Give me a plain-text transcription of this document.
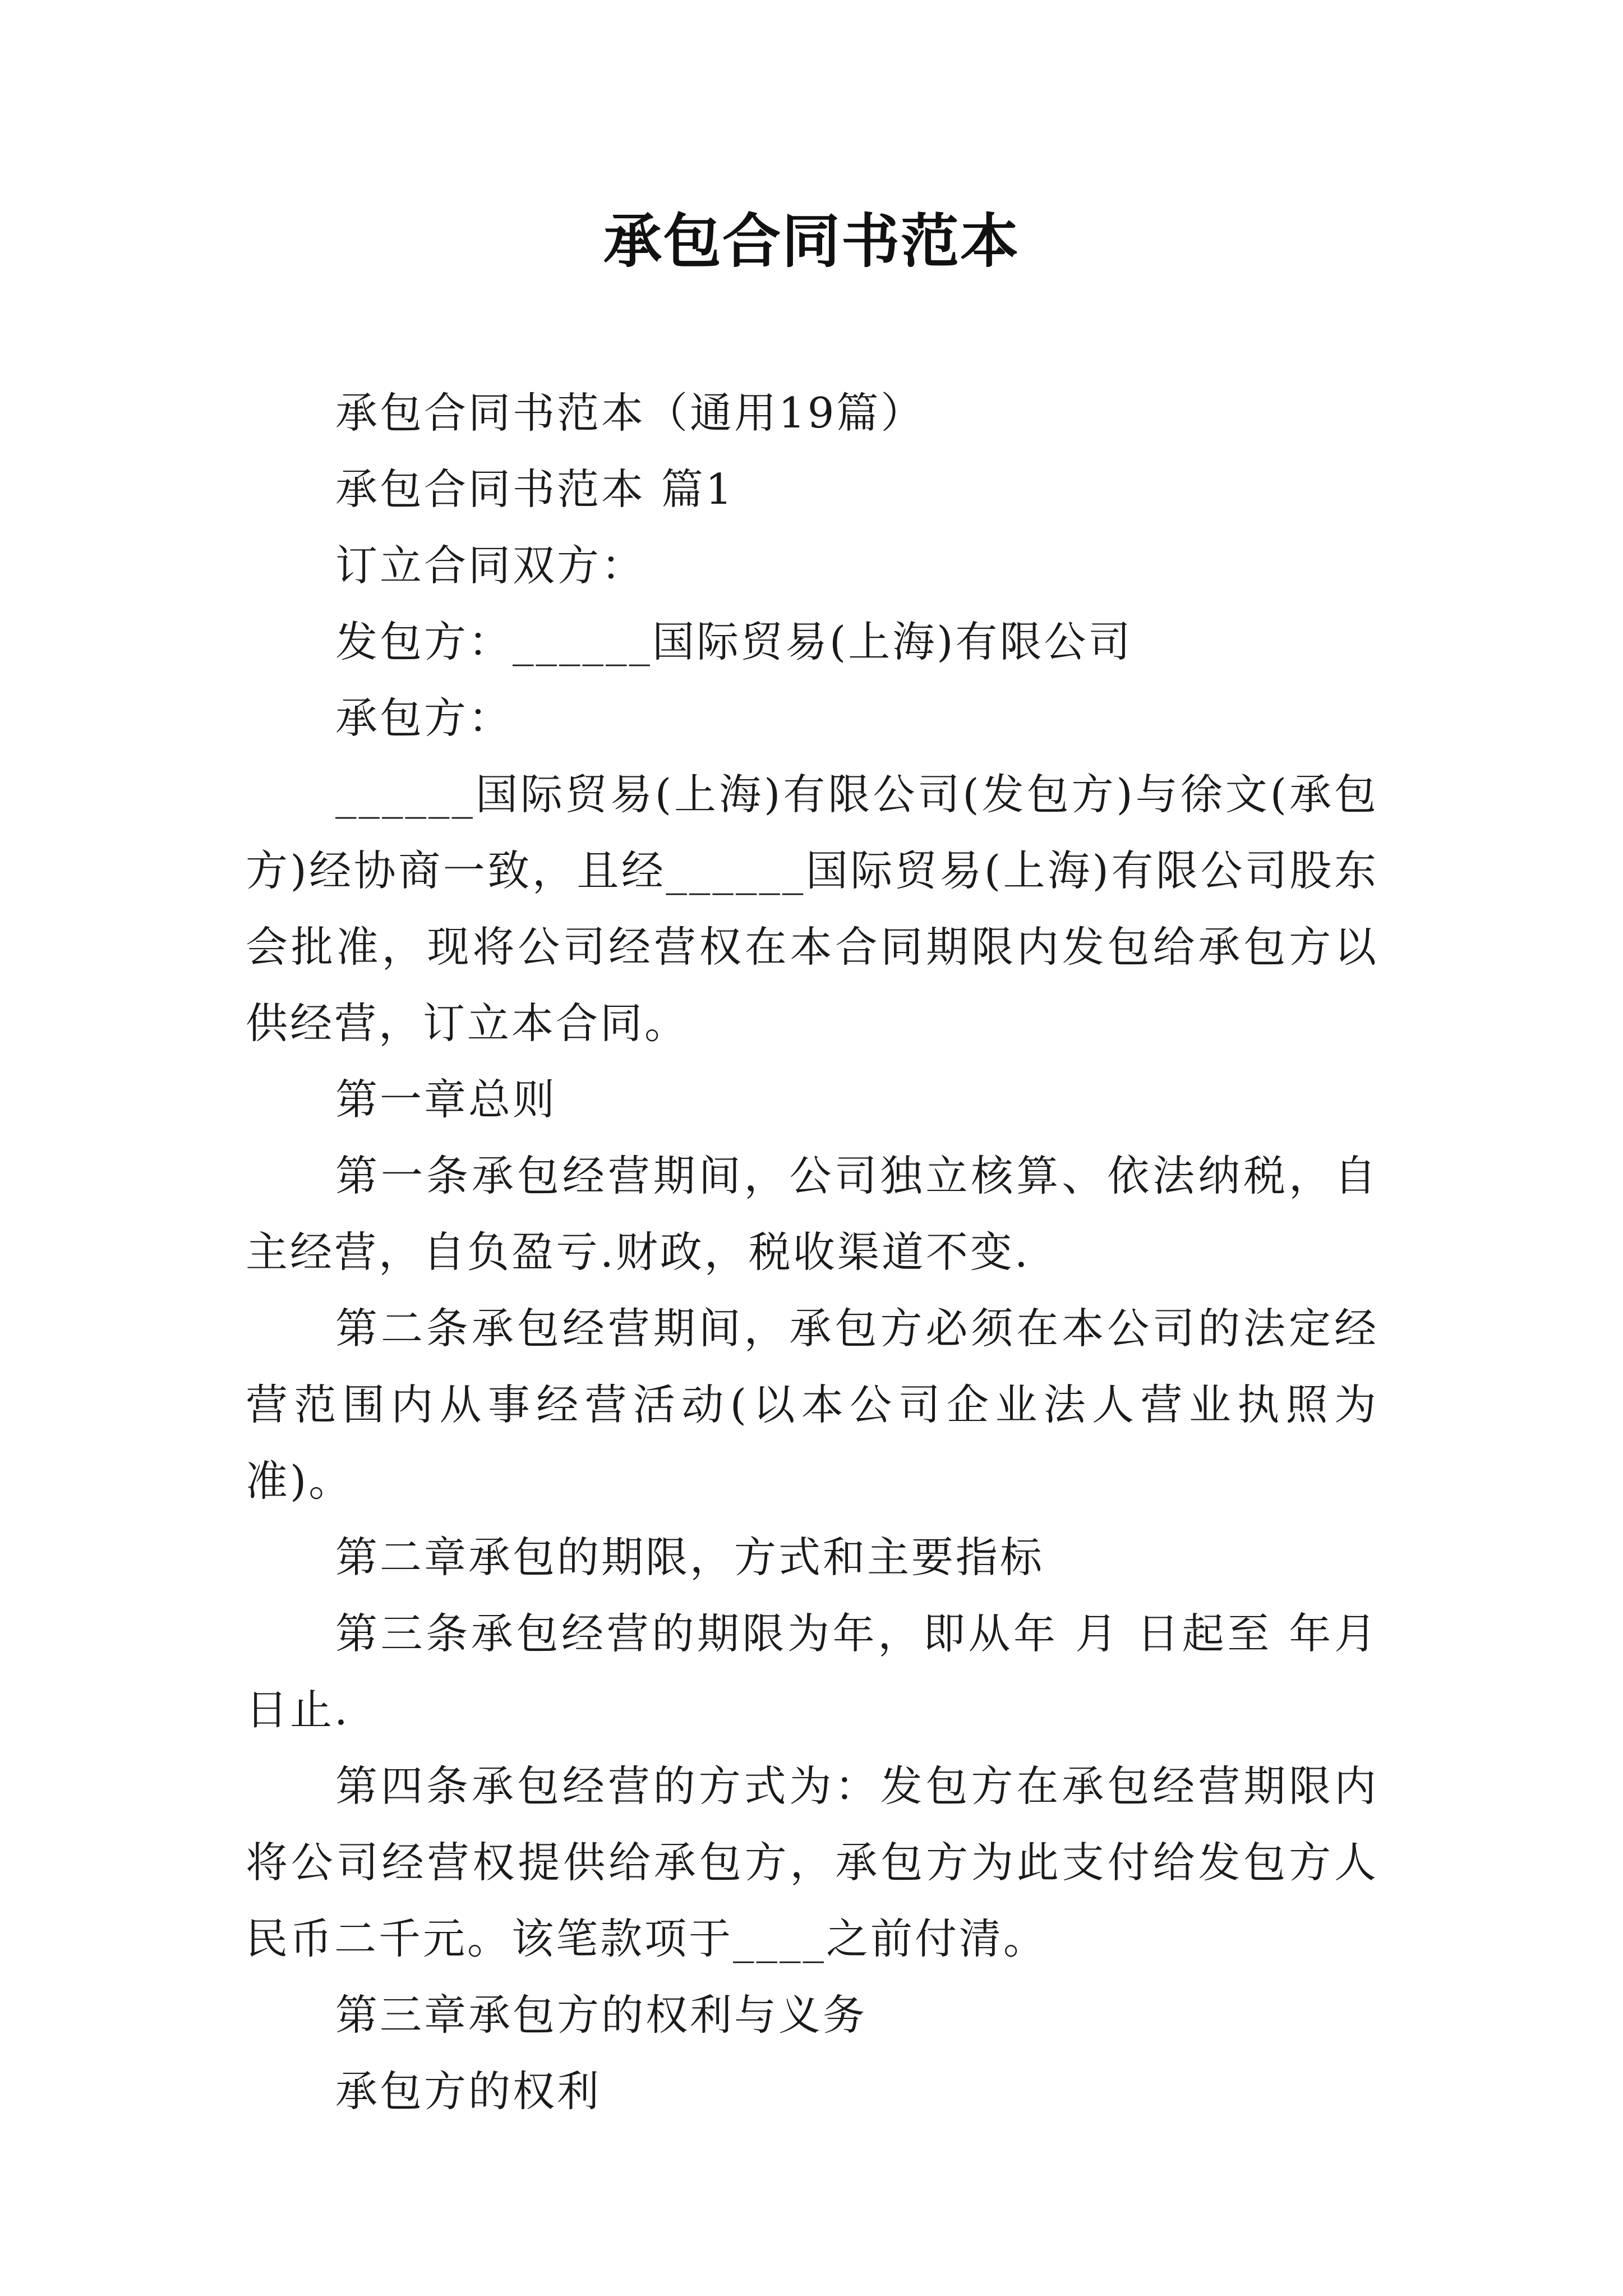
承包合同书范本

承包合同书范本（通用19篇）

承包合同书范本 篇1

订立合同双方：

发包方：______国际贸易(上海)有限公司

承包方：

______国际贸易(上海)有限公司(发包方)与徐文(承包方)经协商一致，且经______国际贸易(上海)有限公司股东会批准，现将公司经营权在本合同期限内发包给承包方以供经营，订立本合同。

第一章总则

第一条承包经营期间，公司独立核算、依法纳税，自主经营，自负盈亏.财政，税收渠道不变.

第二条承包经营期间，承包方必须在本公司的法定经营范围内从事经营活动(以本公司企业法人营业执照为准)。

第二章承包的期限，方式和主要指标

第三条承包经营的期限为年，即从年 月 日起至 年月日止.

第四条承包经营的方式为：发包方在承包经营期限内将公司经营权提供给承包方，承包方为此支付给发包方人民币二千元。该笔款项于____之前付清。

第三章承包方的权利与义务

承包方的权利
